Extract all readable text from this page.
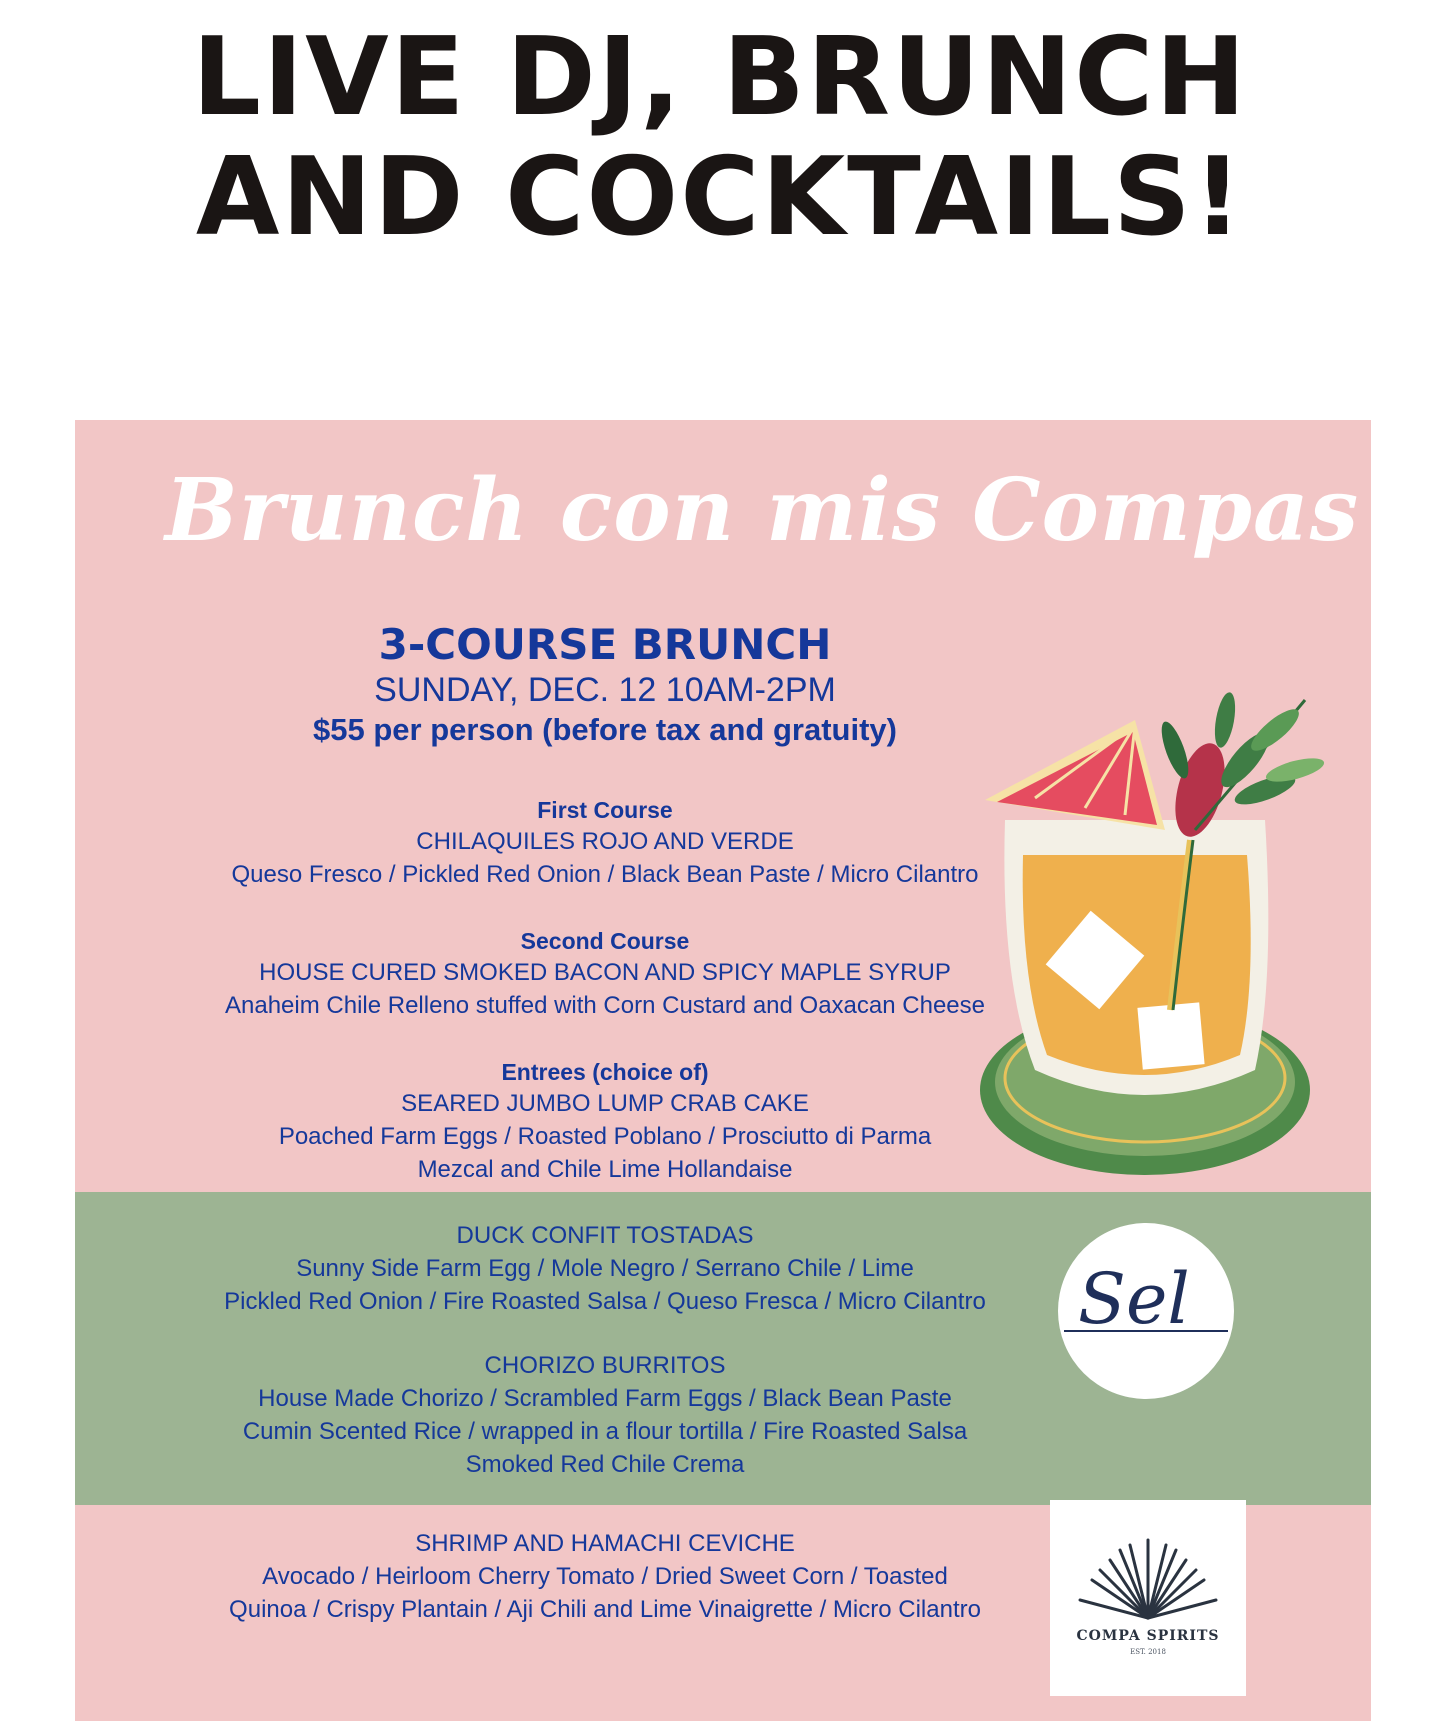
LIVE DJ, BRUNCH
AND COCKTAILS!
Brunch con mis Compas
3-COURSE BRUNCH
SUNDAY, DEC. 12 10AM-2PM
$55 per person (before tax and gratuity)
First Course
CHILAQUILES ROJO AND VERDE
Queso Fresco / Pickled Red Onion / Black Bean Paste / Micro Cilantro
Second Course
HOUSE CURED SMOKED BACON AND SPICY MAPLE SYRUP
Anaheim Chile Relleno stuffed with Corn Custard and Oaxacan Cheese
Entrees (choice of)
SEARED JUMBO LUMP CRAB CAKE
Poached Farm Eggs / Roasted Poblano / Prosciutto di Parma
Mezcal and Chile Lime Hollandaise
DUCK CONFIT TOSTADAS
Sunny Side Farm Egg / Mole Negro / Serrano Chile / Lime
Pickled Red Onion / Fire Roasted Salsa / Queso Fresca / Micro Cilantro
CHORIZO BURRITOS
House Made Chorizo / Scrambled Farm Eggs / Black Bean Paste
Cumin Scented Rice / wrapped in a flour tortilla / Fire Roasted Salsa
Smoked Red Chile Crema
SHRIMP AND HAMACHI CEVICHE
Avocado / Heirloom Cherry Tomato / Dried Sweet Corn / Toasted
Quinoa / Crispy Plantain / Aji Chili and Lime Vinaigrette / Micro Cilantro
Sel
COMPA SPIRITS
EST. 2018
